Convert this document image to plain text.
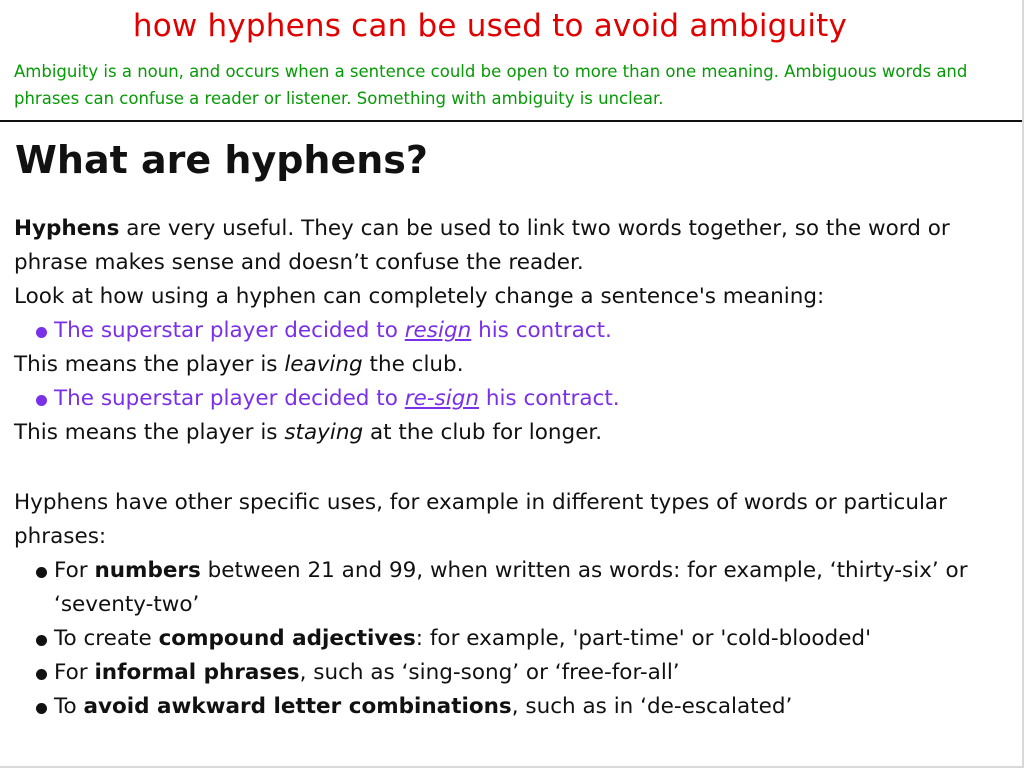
how hyphens can be used to avoid ambiguity
Ambiguity is a noun, and occurs when a sentence could be open to more than one meaning. Ambiguous words and phrases can confuse a reader or listener. Something with ambiguity is unclear.
What are hyphens?

Hyphens are very useful. They can be used to link two words together, so the word or phrase makes sense and doesn’t confuse the reader.

Look at how using a hyphen can completely change a sentence's meaning:

The superstar player decided to resign his contract.

This means the player is leaving the club.

The superstar player decided to re-sign his contract.

This means the player is staying at the club for longer.

Hyphens have other specific uses, for example in different types of words or particular phrases:

For numbers between 21 and 99, when written as words: for example, ‘thirty-six’ or ‘seventy-two’
To create compound adjectives: for example, 'part-time' or 'cold-blooded'
For informal phrases, such as ‘sing-song’ or ‘free-for-all’
To avoid awkward letter combinations, such as in ‘de-escalated’
